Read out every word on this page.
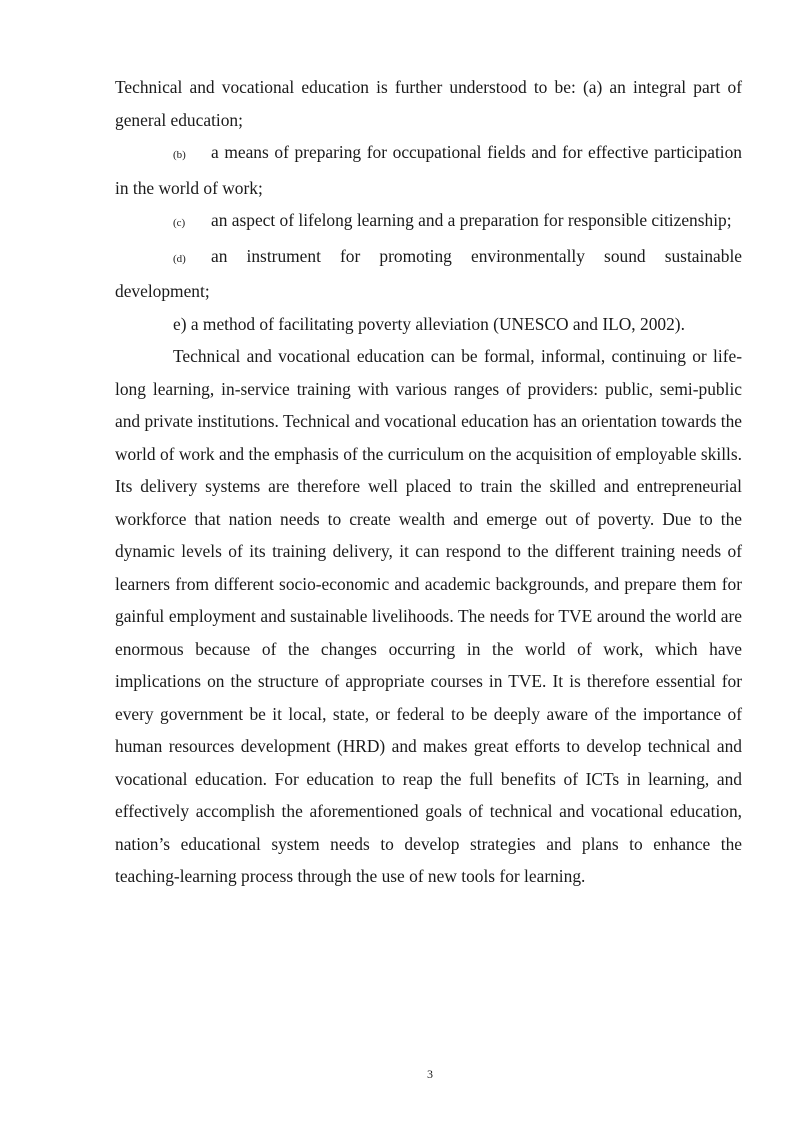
Technical and vocational education is further understood to be: (a) an integral part of general education;

(b) a means of preparing for occupational fields and for effective participation in the world of work;

(c) an aspect of lifelong learning and a preparation for responsible citizenship;

(d) an instrument for promoting environmentally sound sustainable development;

e) a method of facilitating poverty alleviation (UNESCO and ILO, 2002).

Technical and vocational education can be formal, informal, continuing or life-long learning, in-service training with various ranges of providers: public, semi-public and private institutions. Technical and vocational education has an orientation towards the world of work and the emphasis of the curriculum on the acquisition of employable skills. Its delivery systems are therefore well placed to train the skilled and entrepreneurial workforce that nation needs to create wealth and emerge out of poverty. Due to the dynamic levels of its training delivery, it can respond to the different training needs of learners from different socio-economic and academic backgrounds, and prepare them for gainful employment and sustainable livelihoods. The needs for TVE around the world are enormous because of the changes occurring in the world of work, which have implications on the structure of appropriate courses in TVE. It is therefore essential for every government be it local, state, or federal to be deeply aware of the importance of human resources development (HRD) and makes great efforts to develop technical and vocational education. For education to reap the full benefits of ICTs in learning, and effectively accomplish the aforementioned goals of technical and vocational education, nation’s educational system needs to develop strategies and plans to enhance the teaching-learning process through the use of new tools for learning.

3
